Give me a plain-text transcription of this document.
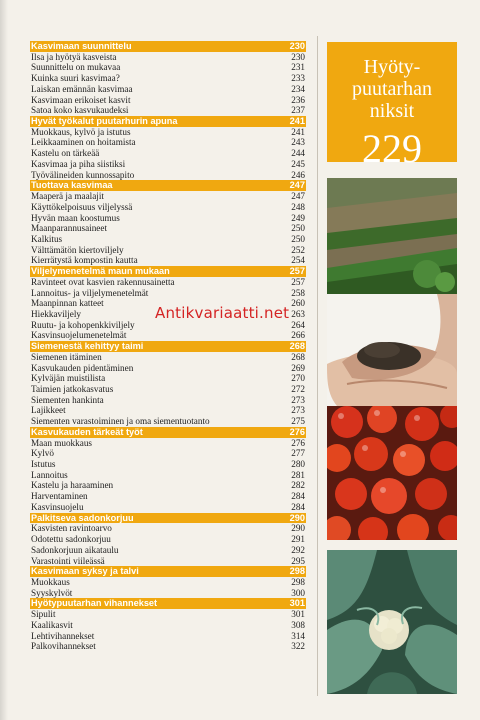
Kasvimaan suunnittelu	230
Ilsa ja hyötyä kasveista	230
Suunnittelu on mukavaa	231
Kuinka suuri kasvimaa?	233
Laiskan emännän kasvimaa	234
Kasvimaan erikoiset kasvit	236
Satoa koko kasvukaudeksi	237
Hyvät työkalut puutarhurin apuna	241
Muokkaus, kylvö ja istutus	241
Leikkaaminen on hoitamista	243
Kastelu on tärkeää	244
Kasvimaa ja piha siistiksi	245
Työvälineiden kunnossapito	246
Tuottava kasvimaa	247
Maaperä ja maalajit	247
Käyttökelpoisuus viljelyssä	248
Hyvän maan koostumus	249
Maanparannusaineet	250
Kalkitus	250
Välttämätön kiertoviljely	252
Kierrätystä kompostin kautta	254
Viljelymenetelmä maun mukaan	257
Ravinteet ovat kasvien rakennusainetta	257
Lannoitus- ja viljelymenetelmät	258
Maanpinnan katteet	260
Hiekkaviljely	263
Ruutu- ja kohopenkkiviljely	264
Kasvinsuojelumenetelmät	266
Siemenestä kehittyy taimi	268
Siemenen itäminen	268
Kasvukauden pidentäminen	269
Kylväjän muistilista	270
Taimien jatkokasvatus	272
Siementen hankinta	273
Lajikkeet	273
Siementen varastoiminen ja oma siementuotanto	275
Kasvukauden tärkeät työt	276
Maan muokkaus	276
Kylvö	277
Istutus	280
Lannoitus	281
Kastelu ja haraaminen	282
Harventaminen	284
Kasvinsuojelu	284
Palkitseva sadonkorjuu	290
Kasvisten ravintoarvo	290
Odotettu sadonkorjuu	291
Sadonkorjuun aikataulu	292
Varastointi viileässä	295
Kasvimaan syksy ja talvi	298
Muokkaus	298
Syyskylvöt	300
Hyötypuutarhan vihannekset	301
Sipulit	301
Kaalikasvit	308
Lehtivihannekset	314
Palkovihannekset	322
Hyöty-
puutarhan
niksit
229
Antikvariaatti.net
